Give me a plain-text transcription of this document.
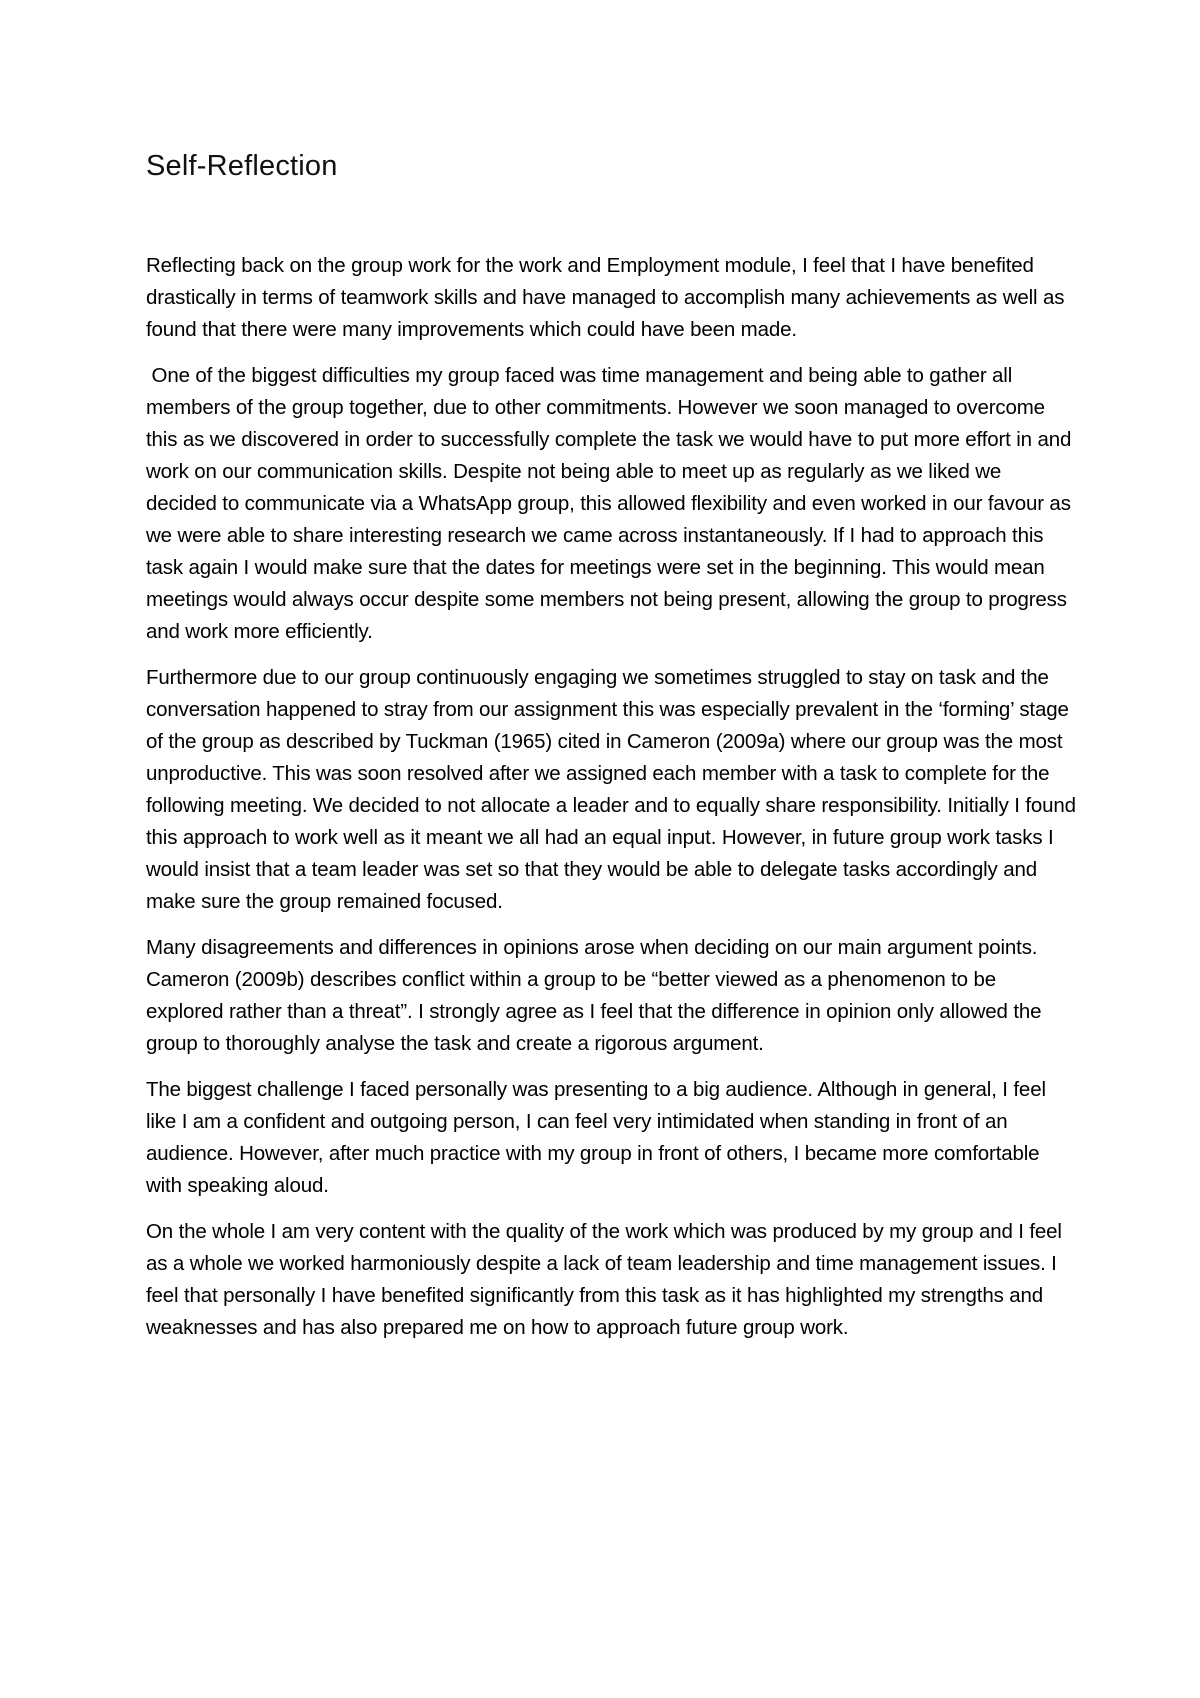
Self-Reflection

Reflecting back on the group work for the work and Employment module, I feel that I have benefited drastically in terms of teamwork skills and have managed to accomplish many achievements as well as found that there were many improvements which could have been made.

One of the biggest difficulties my group faced was time management and being able to gather all members of the group together, due to other commitments. However we soon managed to overcome this as we discovered in order to successfully complete the task we would have to put more effort in and work on our communication skills. Despite not being able to meet up as regularly as we liked we decided to communicate via a WhatsApp group, this allowed flexibility and even worked in our favour as we were able to share interesting research we came across instantaneously. If I had to approach this task again I would make sure that the dates for meetings were set in the beginning. This would mean meetings would always occur despite some members not being present, allowing the group to progress and work more efficiently.

Furthermore due to our group continuously engaging we sometimes struggled to stay on task and the conversation happened to stray from our assignment this was especially prevalent in the ‘forming’ stage of the group as described by Tuckman (1965) cited in Cameron (2009a) where our group was the most unproductive. This was soon resolved after we assigned each member with a task to complete for the following meeting. We decided to not allocate a leader and to equally share responsibility. Initially I found this approach to work well as it meant we all had an equal input. However, in future group work tasks I would insist that a team leader was set so that they would be able to delegate tasks accordingly and make sure the group remained focused.

Many disagreements and differences in opinions arose when deciding on our main argument points.  Cameron (2009b) describes conflict within a group to be “better viewed as a phenomenon to be explored rather than a threat”. I strongly agree as I feel that the difference in opinion only allowed the group to thoroughly analyse the task and create a rigorous argument.

The biggest challenge I faced personally was presenting to a big audience. Although in general, I feel like I am a confident and outgoing person, I can feel very intimidated when standing in front of an audience. However, after much practice with my group in front of others, I became more comfortable with speaking aloud.

On the whole I am very content with the quality of the work which was produced by my group and I feel as a whole we worked harmoniously despite a lack of team leadership and time management issues. I feel that personally I have benefited significantly from this task as it has highlighted my strengths and weaknesses and has also prepared me on how to approach future group work.
